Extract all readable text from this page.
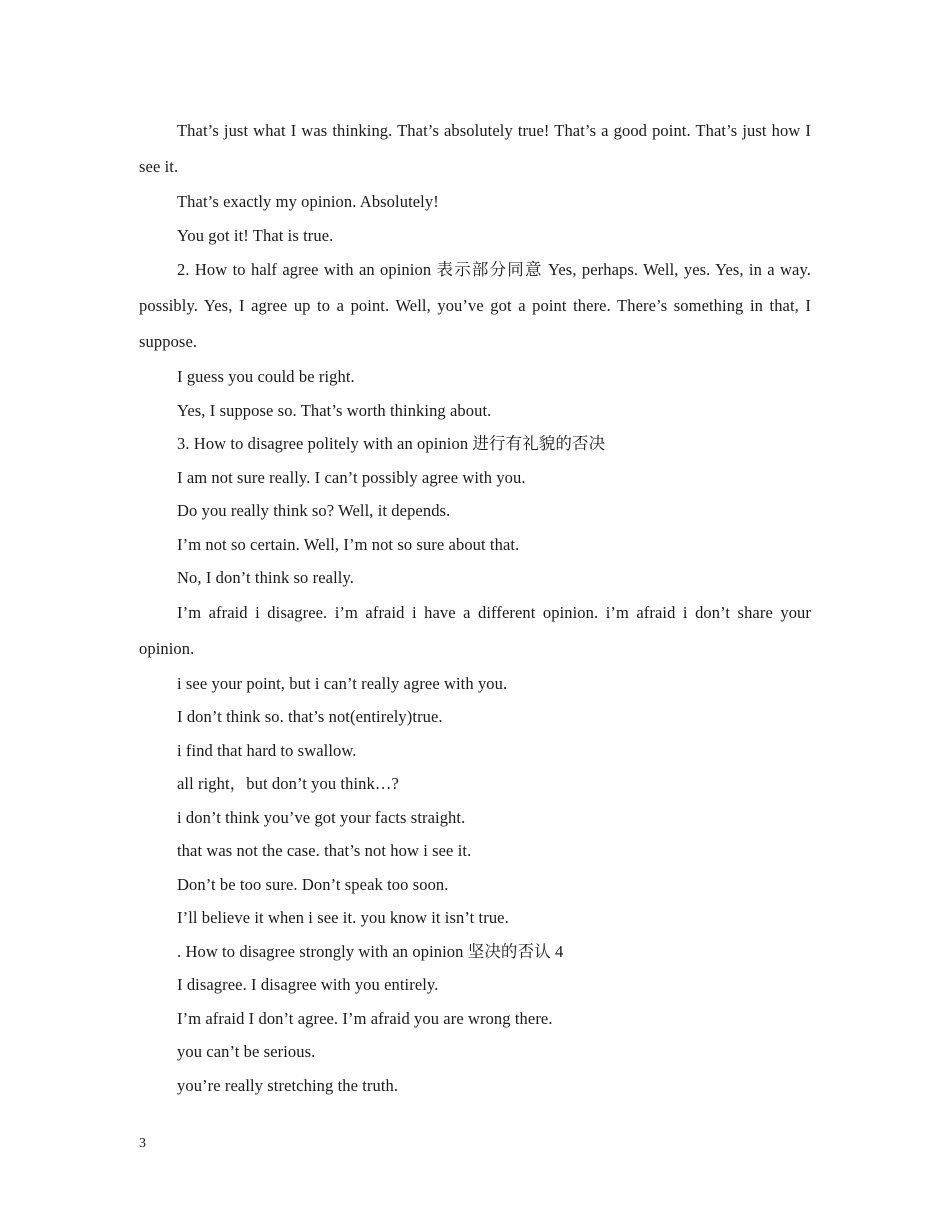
That’s just what I was thinking. That’s absolutely true! That’s a good point. That’s just how I see it.

That’s exactly my opinion. Absolutely!

You got it! That is true.

2. How to half agree with an opinion 表示部分同意 Yes, perhaps. Well, yes. Yes, in a way. possibly. Yes, I agree up to a point. Well, you’ve got a point there. There’s something in that, I suppose.

I guess you could be right.

Yes, I suppose so. That’s worth thinking about.

3. How to disagree politely with an opinion 进行有礼貌的否决

I am not sure really. I can’t possibly agree with you.

Do you really think so? Well, it depends.

I’m not so certain. Well, I’m not so sure about that.

No, I don’t think so really.

I’m afraid i disagree. i’m afraid i have a different opinion. i’m afraid i don’t share your opinion.

i see your point, but i can’t really agree with you.

I don’t think so. that’s not(entirely)true.

i find that hard to swallow.

all right，but don’t you think…?

i don’t think you’ve got your facts straight.

that was not the case. that’s not how i see it.

Don’t be too sure. Don’t speak too soon.

I’ll believe it when i see it. you know it isn’t true.

. How to disagree strongly with an opinion 坚决的否认 4

I disagree. I disagree with you entirely.

I’m afraid I don’t agree. I’m afraid you are wrong there.

you can’t be serious.

you’re really stretching the truth.

3
